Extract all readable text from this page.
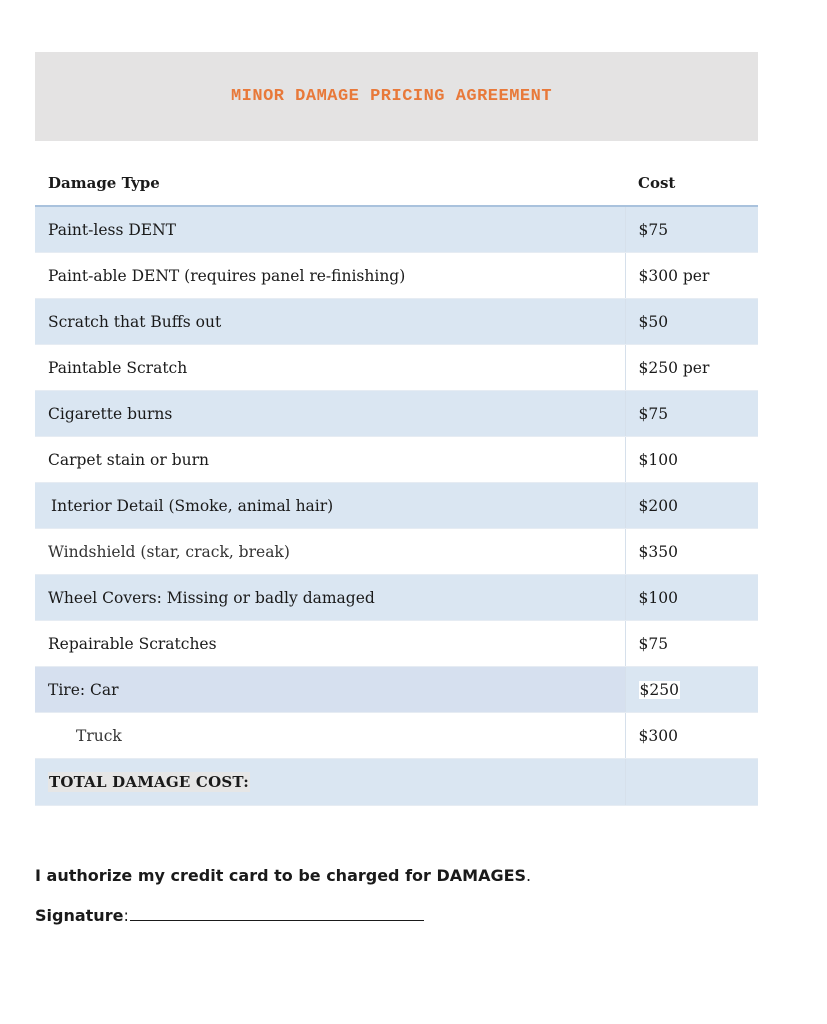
MINOR DAMAGE PRICING AGREEMENT
Damage Type	Cost
Paint-less DENT	$75
Paint-able DENT (requires panel re-finishing)	$300 per
Scratch that Buffs out	$50
Paintable Scratch	$250 per
Cigarette burns	$75
Carpet stain or burn	$100
Interior Detail (Smoke, animal hair)	$200
Windshield (star, crack, break)	$350
Wheel Covers: Missing or badly damaged	$100
Repairable Scratches	$75
Tire: Car	$250
Truck	$300
TOTAL DAMAGE COST:	
I authorize my credit card to be charged for DAMAGES.
Signature :
